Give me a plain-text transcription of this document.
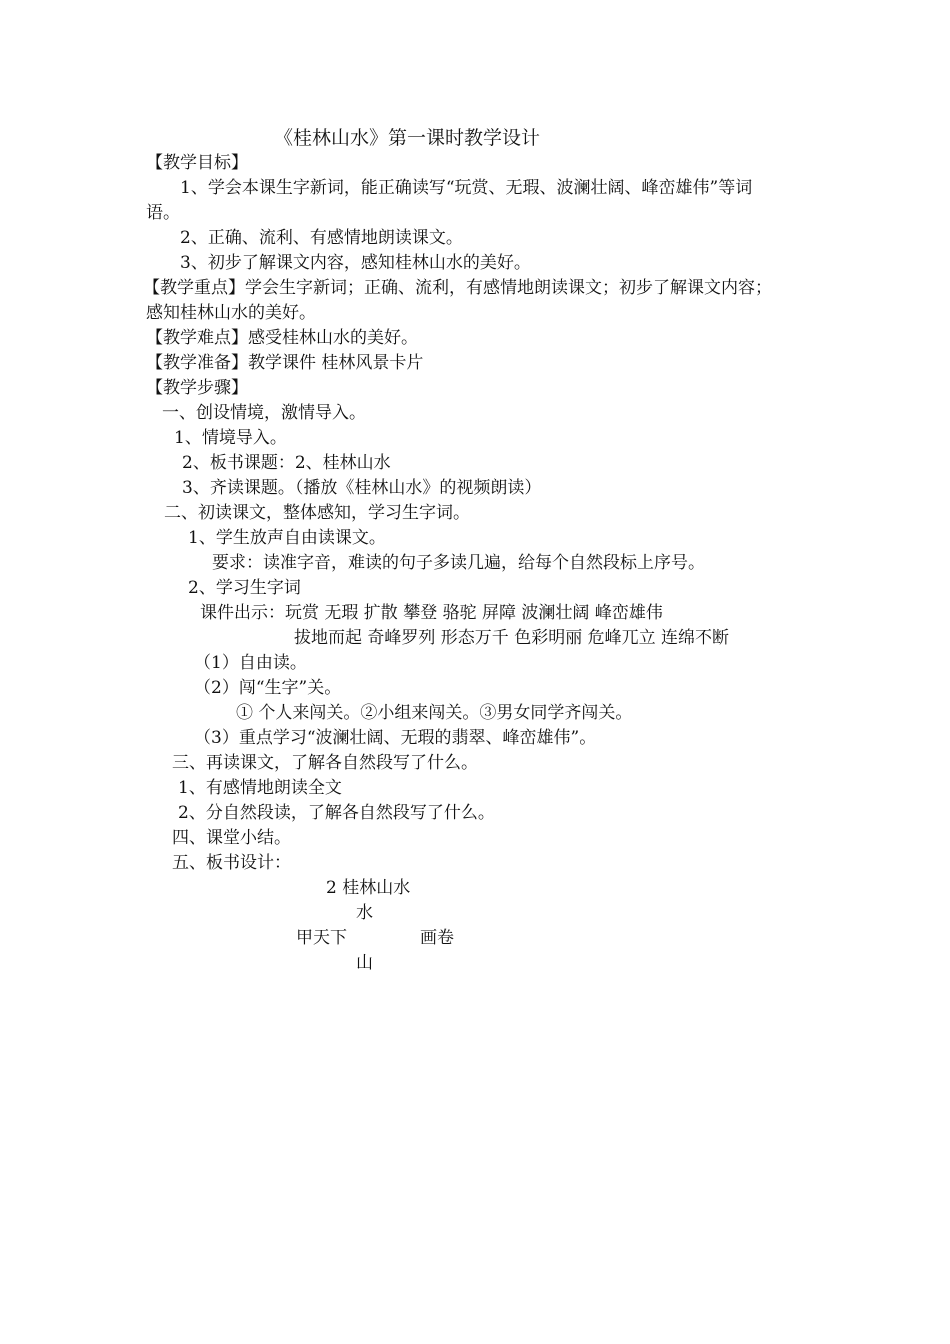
《桂林山水》第一课时教学设计
【教学目标】
1、学会本课生字新词，能正确读写“玩赏、无瑕、波澜壮阔、峰峦雄伟”等词
语。
2、正确、流利、有感情地朗读课文。
3、初步了解课文内容，感知桂林山水的美好。
【教学重点】学会生字新词；正确、流利，有感情地朗读课文；初步了解课文内容；
感知桂林山水的美好。
【教学难点】感受桂林山水的美好。
【教学准备】教学课件 桂林风景卡片
【教学步骤】
一、创设情境，激情导入。
1、情境导入。
2、板书课题：2、桂林山水
3、齐读课题。（播放《桂林山水》的视频朗读）
二、初读课文，整体感知，学习生字词。
1、学生放声自由读课文。
要求：读准字音，难读的句子多读几遍，给每个自然段标上序号。
2、学习生字词
课件出示：玩赏 无瑕 扩散 攀登 骆驼 屏障 波澜壮阔 峰峦雄伟
拔地而起 奇峰罗列 形态万千 色彩明丽 危峰兀立 连绵不断
（1）自由读。
（2）闯“生字”关。
① 个人来闯关。②小组来闯关。③男女同学齐闯关。
（3）重点学习“波澜壮阔、无瑕的翡翠、峰峦雄伟”。
三、再读课文，了解各自然段写了什么。
1、有感情地朗读全文
2、分自然段读，了解各自然段写了什么。
四、课堂小结。
五、板书设计：
2 桂林山水
水
甲天下	画卷
山
